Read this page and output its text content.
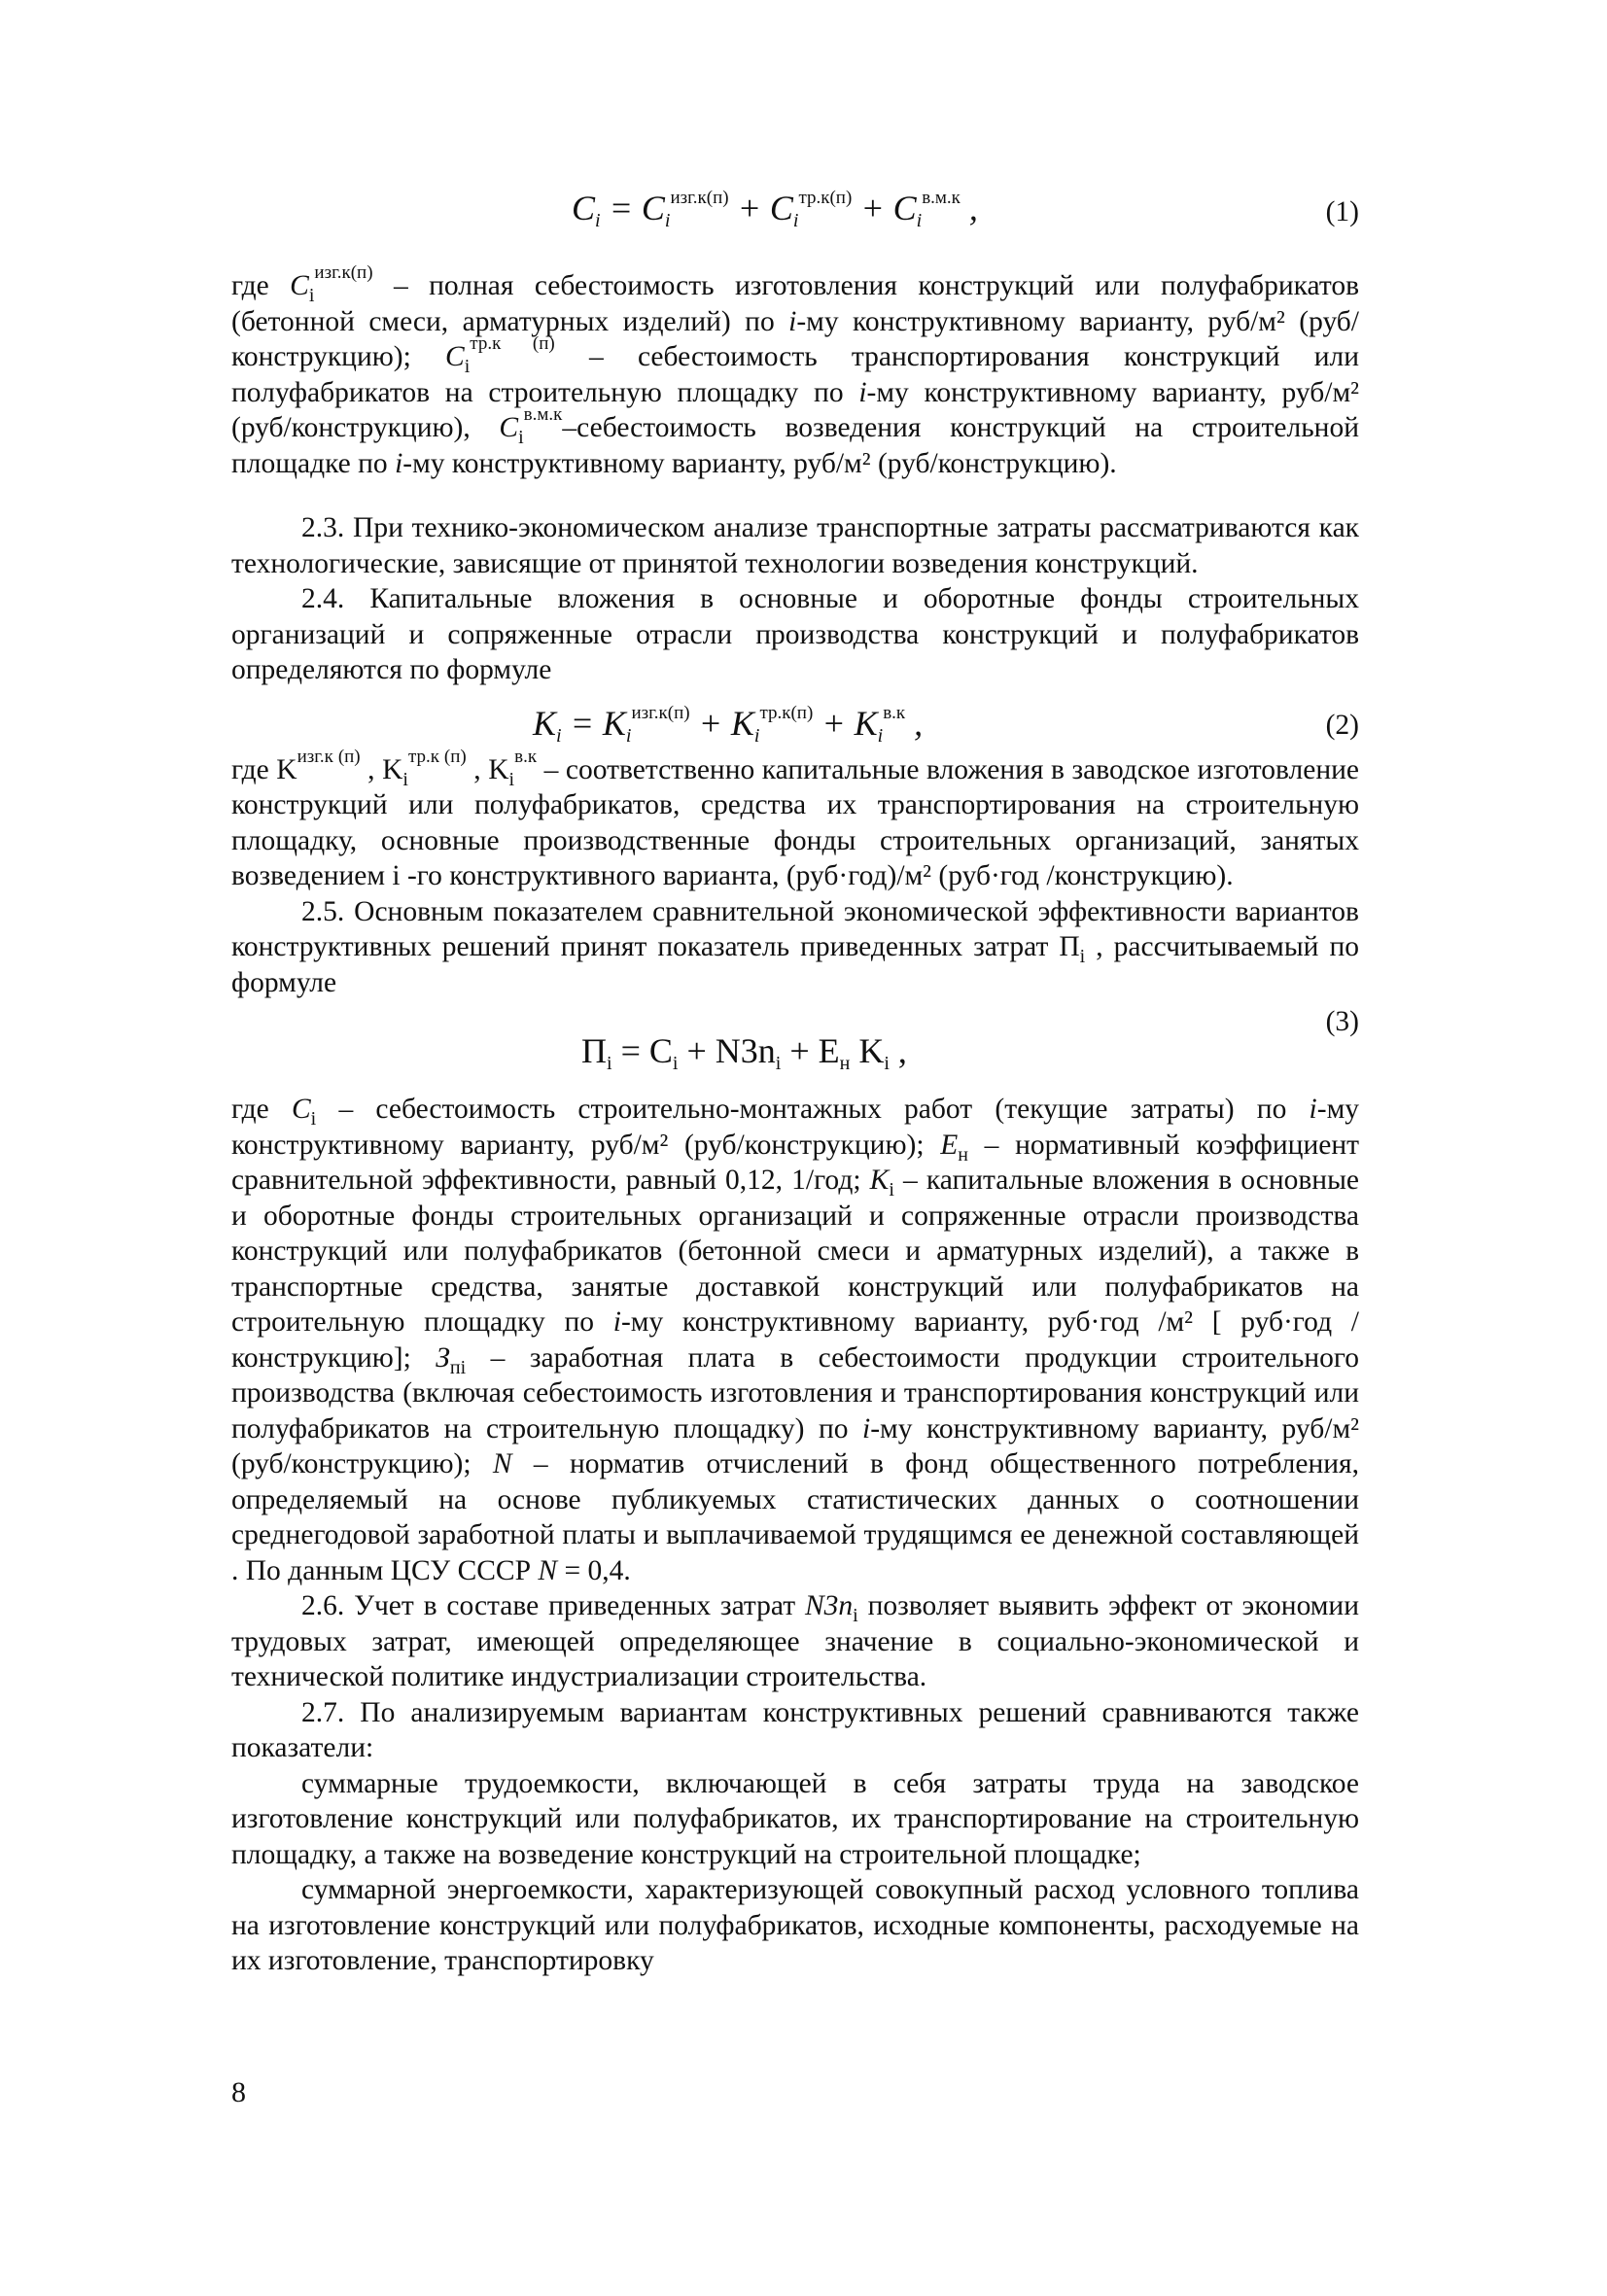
$C_i = C_i^{изг.к(п)} + C_i^{тр.к(п)} + C_i^{в.м.к}$ ,	(1)

где $C_i^{изг.к(п)}$ – полная себестоимость изготовления конструкций или полуфабрикатов (бетонной смеси, арматурных изделий) по i-му конструктивному варианту, руб/м² (руб/конструкцию); $C_i^{тр.к (п)}$ – себестоимость транспортирования конструкций или полуфабрикатов на строительную площадку по i-му конструктивному варианту, руб/м² (руб/конструкцию), $C_i^{в.м.к}$–себестоимость возведения конструкций на строительной площадке по i-му конструктивному варианту, руб/м² (руб/конструкцию).

2.3. При технико-экономическом анализе транспортные затраты рассматриваются как технологические, зависящие от принятой технологии возведения конструкций.

2.4. Капитальные вложения в основные и оборотные фонды строительных организаций и сопряженные отрасли производства конструкций и полуфабрикатов определяются по формуле

$K_i = K_i^{изг.к(п)} + K_i^{тр.к(п)} + K_i^{в.к}$ ,	(2)

где $K^{изг.к (п)}$ , $K_i^{тр.к (п)}$ , $K_i^{в.к}$ – соответственно капитальные вложения в заводское изготовление конструкций или полуфабрикатов, средства их транспортирования на строительную площадку, основные производственные фонды строительных организаций, занятых возведением i -го конструктивного варианта, (руб·год)/м² (руб·год /конструкцию).

2.5. Основным показателем сравнительной экономической эффективности вариантов конструктивных решений принят показатель приведенных затрат $П_i$ , рассчитываемый по формуле

$П_i = C_i + N3n_i + E_н$ $K_i$ ,
(3)

где $C_i$ – себестоимость строительно-монтажных работ (текущие затраты) по i-му конструктивному варианту, руб/м² (руб/конструкцию); $E_н$ – нормативный коэффициент сравнительной эффективности, равный 0,12, 1/год; $K_i$ – капитальные вложения в основные и оборотные фонды строительных организаций и сопряженные отрасли производства конструкций или полуфабрикатов (бетонной смеси и арматурных изделий), а также в транспортные средства, занятые доставкой конструкций или полуфабрикатов на строительную площадку по i-му конструктивному варианту, руб·год /м² [ руб·год /конструкцию]; $З_{пi}$ – заработная плата в себестоимости продукции строительного производства (включая себестоимость изготовления и транспортирования конструкций или полуфабрикатов на строительную площадку) по i-му конструктивному варианту, руб/м² (руб/конструкцию); N – норматив отчислений в фонд общественного потребления, определяемый на основе публикуемых статистических данных о соотношении среднегодовой заработной платы и выплачиваемой трудящимся ее денежной составляющей . По данным ЦСУ СССР N = 0,4.

2.6. Учет в составе приведенных затрат $N3n_i$ позволяет выявить эффект от экономии трудовых затрат, имеющей определяющее значение в социально-экономической и технической политике индустриализации строительства.

2.7. По анализируемым вариантам конструктивных решений сравниваются также показатели:

суммарные трудоемкости, включающей в себя затраты труда на заводское изготовление конструкций или полуфабрикатов, их транспортирование на строительную площадку, а также на возведение конструкций на строительной площадке;

суммарной энергоемкости, характеризующей совокупный расход условного топлива на изготовление конструкций или полуфабрикатов, исходные компоненты, расходуемые на их изготовление, транспортировку

8
